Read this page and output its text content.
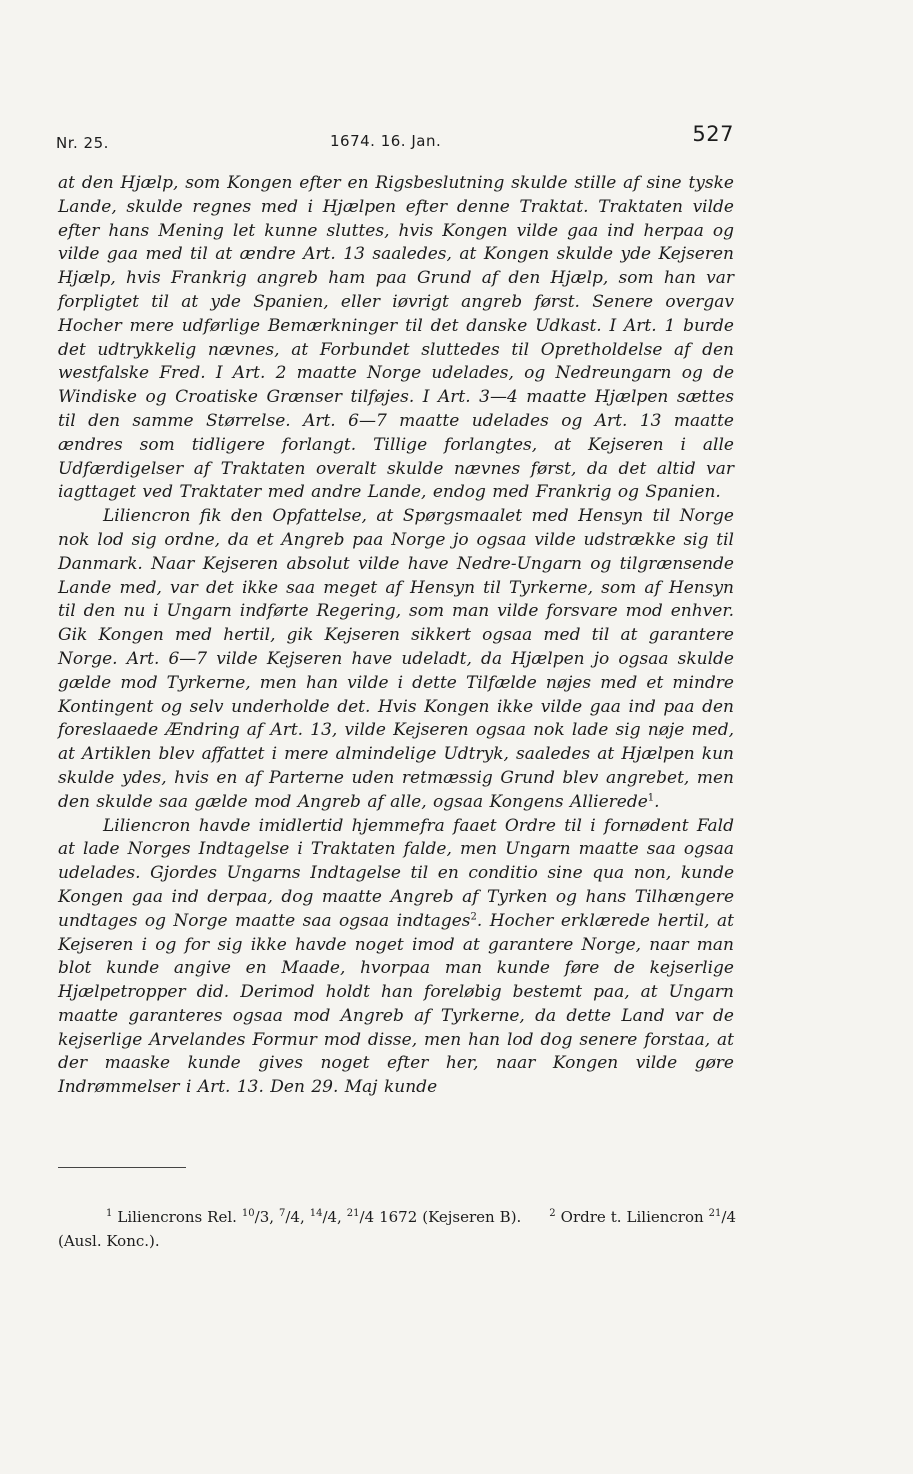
Nr. 25.	1674. 16. Jan.	527

at den Hjælp, som Kongen efter en Rigsbeslutning skulde stille af sine tyske Lande, skulde regnes med i Hjælpen efter denne Traktat. Traktaten vilde efter hans Mening let kunne sluttes, hvis Kongen vilde gaa ind herpaa og vilde gaa med til at ændre Art. 13 saaledes, at Kongen skulde yde Kejseren Hjælp, hvis Frankrig angreb ham paa Grund af den Hjælp, som han var forpligtet til at yde Spanien, eller iøvrigt angreb først. Senere overgav Hocher mere udførlige Bemærkninger til det danske Udkast. I Art. 1 burde det udtrykkelig nævnes, at Forbundet sluttedes til Opretholdelse af den westfalske Fred. I Art. 2 maatte Norge udelades, og Nedreungarn og de Windiske og Croatiske Grænser tilføjes. I Art. 3—4 maatte Hjælpen sættes til den samme Størrelse. Art. 6—7 maatte udelades og Art. 13 maatte ændres som tidligere forlangt. Tillige forlangtes, at Kejseren i alle Udfærdigelser af Traktaten overalt skulde nævnes først, da det altid var iagttaget ved Traktater med andre Lande, endog med Frankrig og Spanien.

Liliencron fik den Opfattelse, at Spørgsmaalet med Hensyn til Norge nok lod sig ordne, da et Angreb paa Norge jo ogsaa vilde udstrække sig til Danmark. Naar Kejseren absolut vilde have Nedre-Ungarn og tilgrænsende Lande med, var det ikke saa meget af Hensyn til Tyrkerne, som af Hensyn til den nu i Ungarn indførte Regering, som man vilde forsvare mod enhver. Gik Kongen med hertil, gik Kejseren sikkert ogsaa med til at garantere Norge. Art. 6—7 vilde Kejseren have udeladt, da Hjælpen jo ogsaa skulde gælde mod Tyrkerne, men han vilde i dette Tilfælde nøjes med et mindre Kontingent og selv underholde det. Hvis Kongen ikke vilde gaa ind paa den foreslaaede Ændring af Art. 13, vilde Kejseren ogsaa nok lade sig nøje med, at Artiklen blev affattet i mere almindelige Udtryk, saaledes at Hjælpen kun skulde ydes, hvis en af Parterne uden retmæssig Grund blev angrebet, men den skulde saa gælde mod Angreb af alle, ogsaa Kongens Allierede$^1$.

Liliencron havde imidlertid hjemmefra faaet Ordre til i fornødent Fald at lade Norges Indtagelse i Traktaten falde, men Ungarn maatte saa ogsaa udelades. Gjordes Ungarns Indtagelse til en conditio sine qua non, kunde Kongen gaa ind derpaa, dog maatte Angreb af Tyrken og hans Tilhængere undtages og Norge maatte saa ogsaa indtages$^2$. Hocher erklærede hertil, at Kejseren i og for sig ikke havde noget imod at garantere Norge, naar man blot kunde angive en Maade, hvorpaa man kunde føre de kejserlige Hjælpetropper did. Derimod holdt han foreløbig bestemt paa, at Ungarn maatte garanteres ogsaa mod Angreb af Tyrkerne, da dette Land var de kejserlige Arvelandes Formur mod disse, men han lod dog senere forstaa, at der maaske kunde gives noget efter her, naar Kongen vilde gøre Indrømmelser i Art. 13. Den 29. Maj kunde

$^1$ Liliencrons Rel. $^{10}$/3, $^7$/4, $^{14}$/4, $^{21}$/4 1672 (Kejseren B).	$^2$ Ordre t. Liliencron $^{21}$/4 (Ausl. Konc.).
